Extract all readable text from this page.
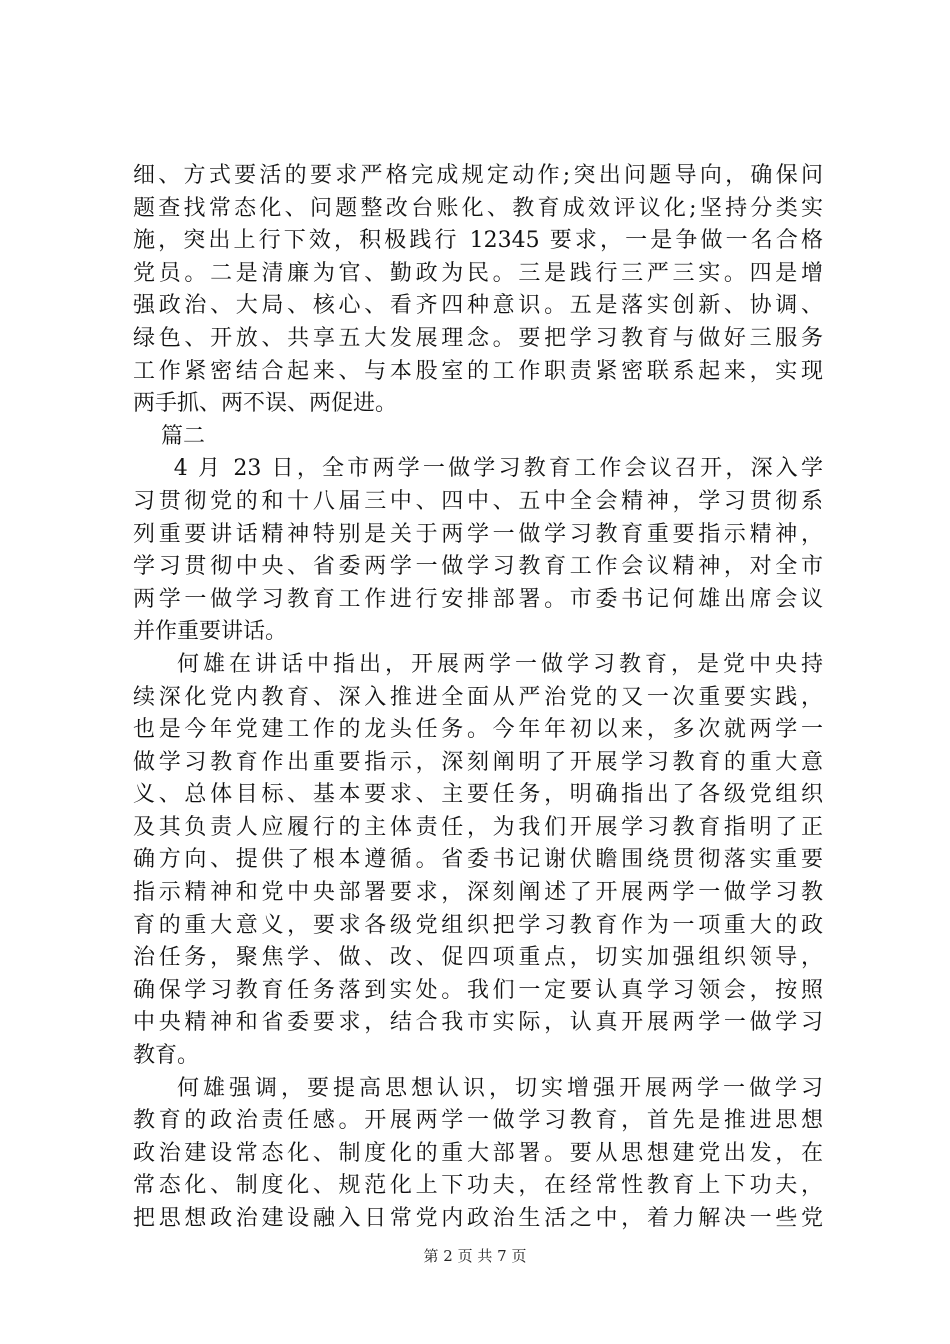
细、方式要活的要求严格完成规定动作;突出问题导向，确保问
题查找常态化、问题整改台账化、教育成效评议化;坚持分类实
施，突出上行下效，积极践行 12345 要求，一是争做一名合格
党员。二是清廉为官、勤政为民。三是践行三严三实。四是增
强政治、大局、核心、看齐四种意识。五是落实创新、协调、
绿色、开放、共享五大发展理念。要把学习教育与做好三服务
工作紧密结合起来、与本股室的工作职责紧密联系起来，实现
两手抓、两不误、两促进。
篇二
4 月 23 日，全市两学一做学习教育工作会议召开，深入学
习贯彻党的和十八届三中、四中、五中全会精神，学习贯彻系
列重要讲话精神特别是关于两学一做学习教育重要指示精神，
学习贯彻中央、省委两学一做学习教育工作会议精神，对全市
两学一做学习教育工作进行安排部署。市委书记何雄出席会议
并作重要讲话。
何雄在讲话中指出，开展两学一做学习教育，是党中央持
续深化党内教育、深入推进全面从严治党的又一次重要实践，
也是今年党建工作的龙头任务。今年年初以来，多次就两学一
做学习教育作出重要指示，深刻阐明了开展学习教育的重大意
义、总体目标、基本要求、主要任务，明确指出了各级党组织
及其负责人应履行的主体责任，为我们开展学习教育指明了正
确方向、提供了根本遵循。省委书记谢伏瞻围绕贯彻落实重要
指示精神和党中央部署要求，深刻阐述了开展两学一做学习教
育的重大意义，要求各级党组织把学习教育作为一项重大的政
治任务，聚焦学、做、改、促四项重点，切实加强组织领导，
确保学习教育任务落到实处。我们一定要认真学习领会，按照
中央精神和省委要求，结合我市实际，认真开展两学一做学习
教育。
何雄强调，要提高思想认识，切实增强开展两学一做学习
教育的政治责任感。开展两学一做学习教育，首先是推进思想
政治建设常态化、制度化的重大部署。要从思想建党出发，在
常态化、制度化、规范化上下功夫，在经常性教育上下功夫，
把思想政治建设融入日常党内政治生活之中，着力解决一些党
第 2 页 共 7 页
